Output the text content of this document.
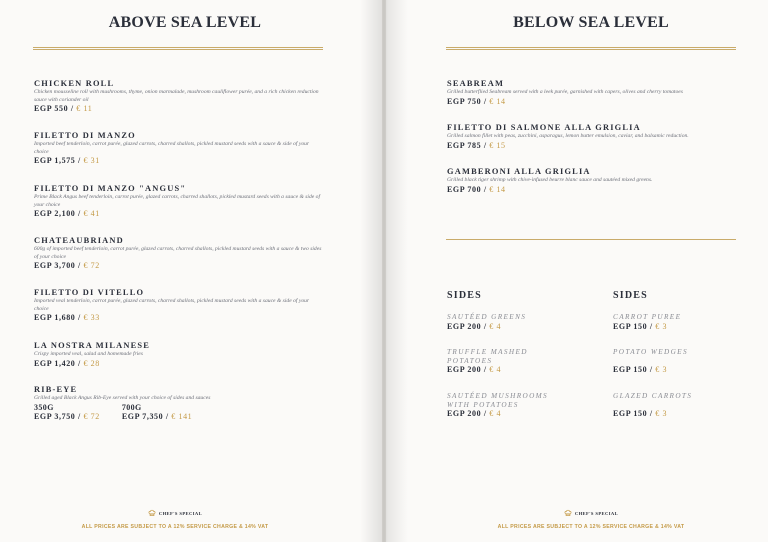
ABOVE SEA LEVEL
CHICKEN ROLL
Chicken mousseline roll with mushrooms, thyme, onion marmalade, mushroom cauliflower purée, and a rich chicken reduction sauce with coriander oil
EGP 550 / € 11
FILETTO DI MANZO
Imported beef tenderloin, carrot purée, glazed carrots, charred shallots, pickled mustard seeds with a sauce & side of your choice
EGP 1,575 / € 31
FILETTO DI MANZO "ANGUS"
Prime Black Angus beef tenderloin, carrot purée, glazed carrots, charred shallots, pickled mustard seeds with a sauce & side of your choice
EGP 2,100 / € 41
CHATEAUBRIAND
600g of imported beef tenderloin, carrot purée, glazed carrots, charred shallots, pickled mustard seeds with a sauce & two sides of your choice
EGP 3,700 / € 72
FILETTO DI VITELLO
Imported veal tenderloin, carrot purée, glazed carrots, charred shallots, pickled mustard seeds with a sauce & side of your choice
EGP 1,680 / € 33
LA NOSTRA MILANESE
Crispy imported veal, salad and homemade fries
EGP 1,420 / € 28
RIB-EYE
Grilled aged Black Angus Rib-Eye served with your choice of sides and sauces
350G
EGP 3,750 / € 72
700G
EGP 7,350 / € 141
CHEF'S SPECIAL
ALL PRICES ARE SUBJECT TO A 12% SERVICE CHARGE & 14% VAT
BELOW SEA LEVEL
SEABREAM
Grilled butterflied Seabream served with a leek purée, garnished with capers, olives and cherry tomatoes
EGP 750 / € 14
FILETTO DI SALMONE ALLA GRIGLIA
Grilled salmon fillet with peas, zucchini, asparagus, lemon butter emulsion, caviar, and balsamic reduction.
EGP 785 / € 15
GAMBERONI ALLA GRIGLIA
Grilled black tiger shrimp with chive-infused beurre blanc sauce and sautéed mixed greens.
EGP 700 / € 14
SIDES
SAUTÉED GREENS
EGP 200 / € 4
TRUFFLE MASHED POTATOES
EGP 200 / € 4
SAUTÉED MUSHROOMS WITH POTATOES
EGP 200 / € 4
SIDES
CARROT PUREE
EGP 150 / € 3
POTATO WEDGES
EGP 150 / € 3
GLAZED CARROTS
EGP 150 / € 3
CHEF'S SPECIAL
ALL PRICES ARE SUBJECT TO A 12% SERVICE CHARGE & 14% VAT
